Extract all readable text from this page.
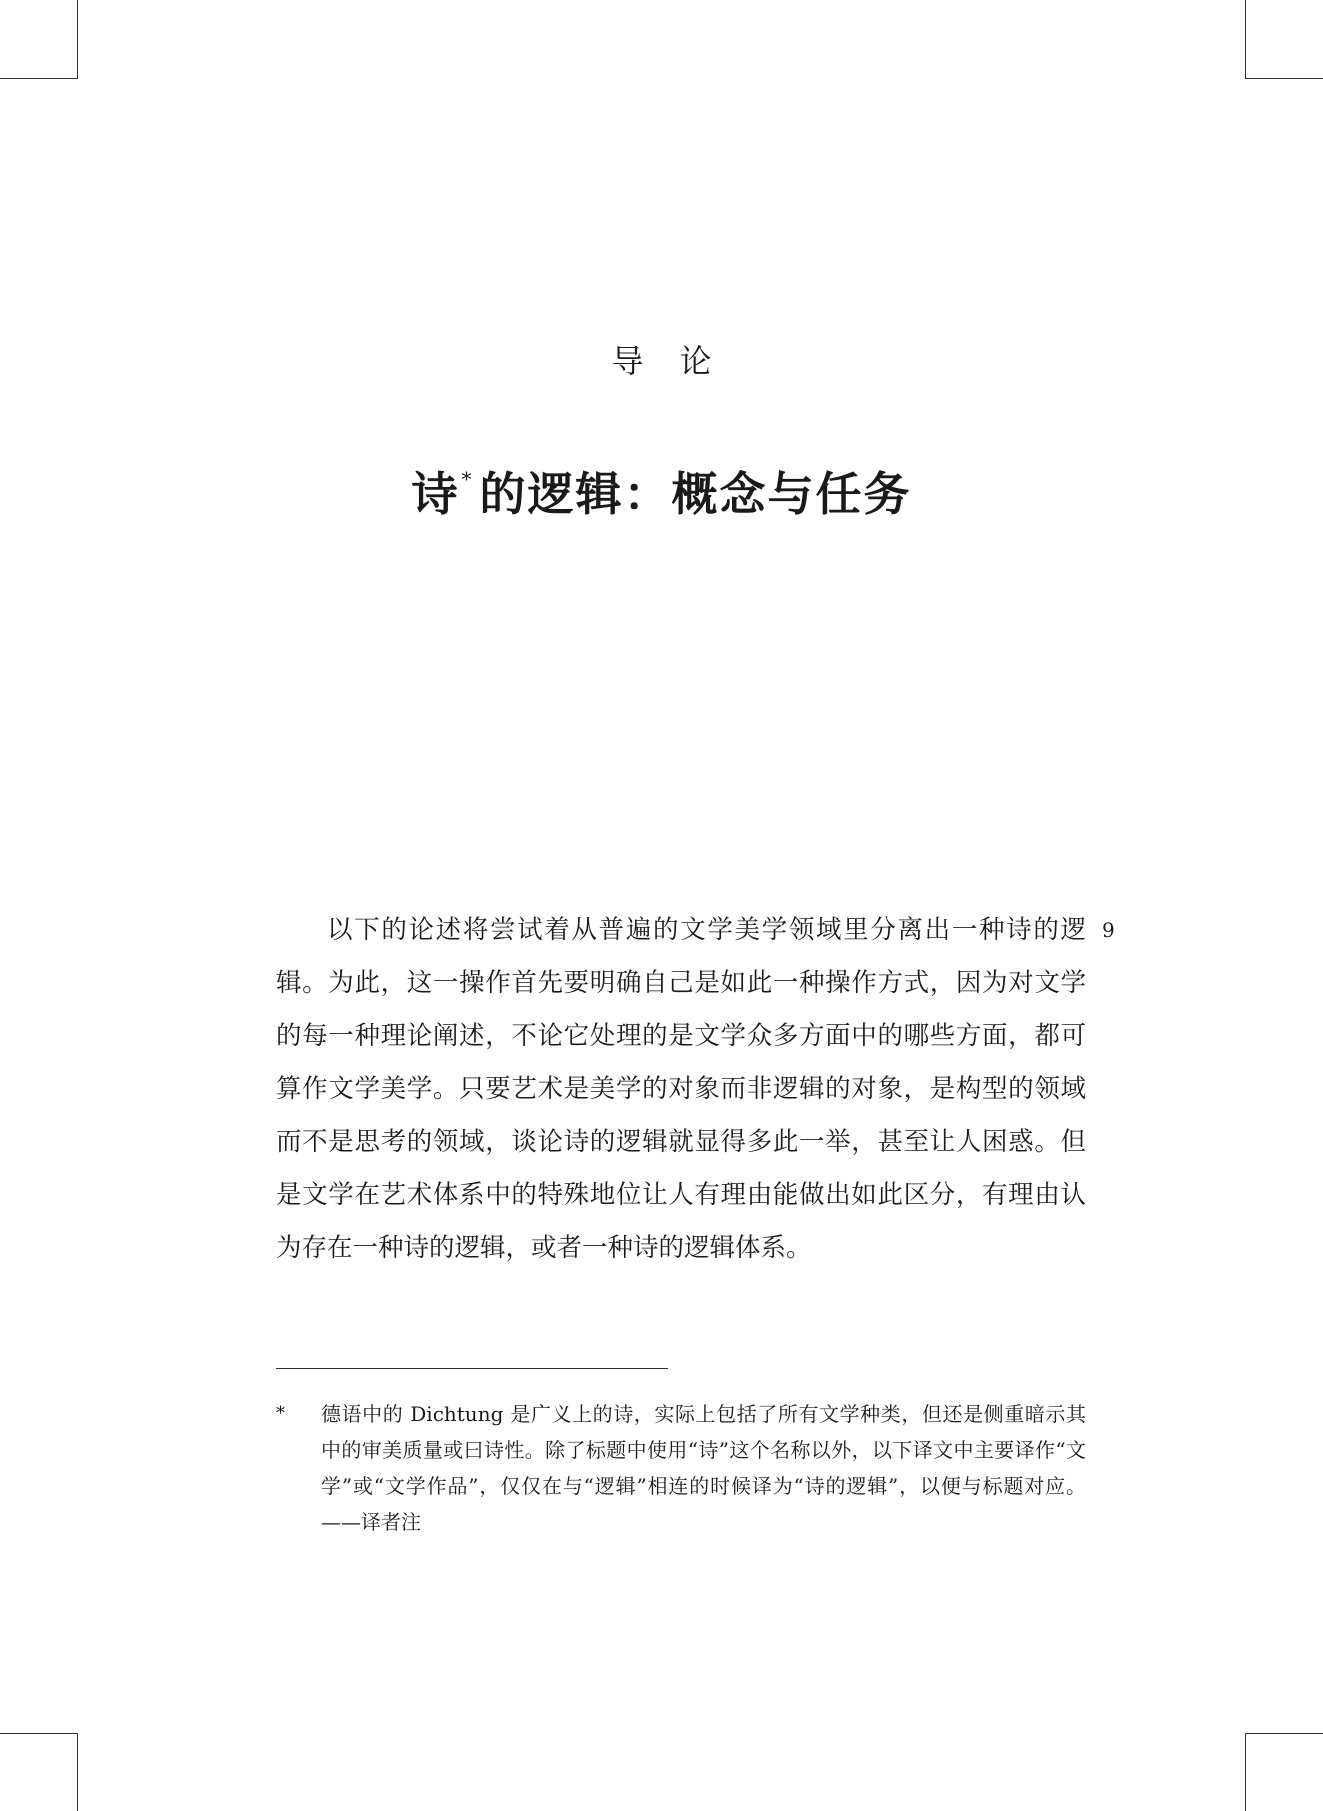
导论
诗 * 的逻辑：概念与任务

以下的论述将尝试着从普遍的文学美学领域里分离出一种诗的逻辑。为此，这一操作首先要明确自己是如此一种操作方式，因为对文学的每一种理论阐述，不论它处理的是文学众多方面中的哪些方面，都可算作文学美学。只要艺术是美学的对象而非逻辑的对象，是构型的领域而不是思考的领域，谈论诗的逻辑就显得多此一举，甚至让人困惑。但是文学在艺术体系中的特殊地位让人有理由能做出如此区分，有理由认为存在一种诗的逻辑，或者一种诗的逻辑体系。

9
* 德语中的 Dichtung 是广义上的诗，实际上包括了所有文学种类，但还是侧重暗示其中的审美质量或曰诗性。除了标题中使用“诗”这个名称以外，以下译文中主要译作“文学”或“文学作品”，仅仅在与“逻辑”相连的时候译为“诗的逻辑”，以便与标题对应。——译者注
